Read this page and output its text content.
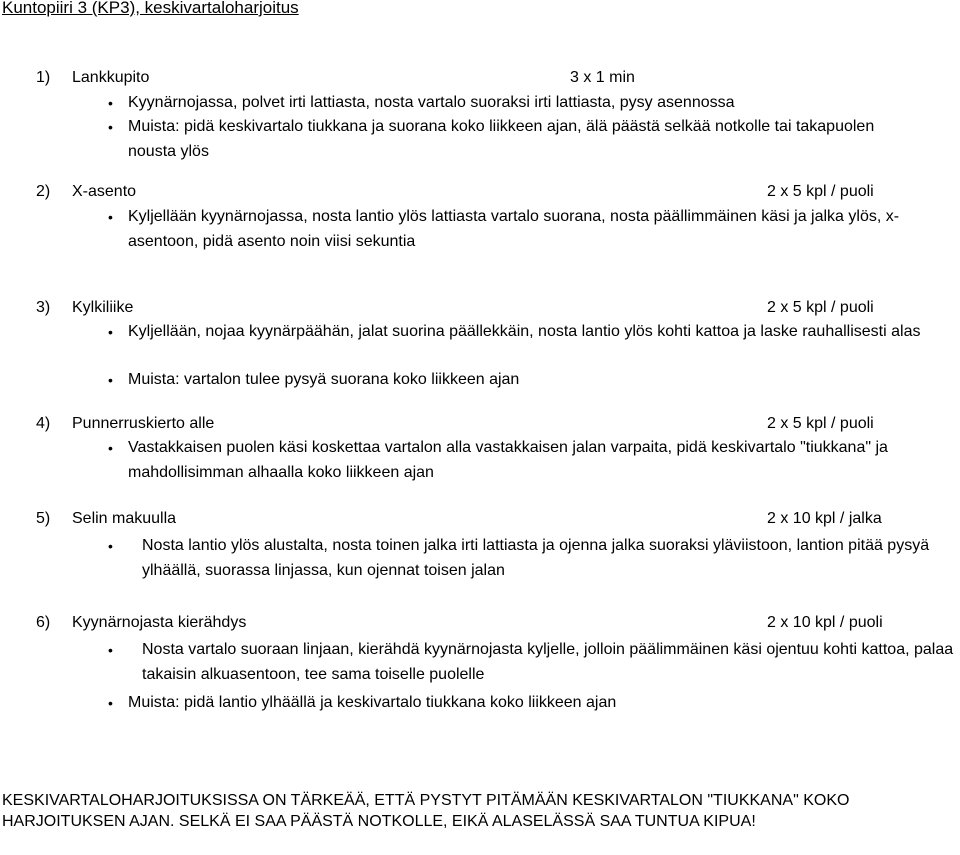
Kuntopiiri 3 (KP3), keskivartaloharjoitus
1) Lankkupito	3 x 1 min
• Kyynärnojassa, polvet irti lattiasta, nosta vartalo suoraksi irti lattiasta, pysy asennossa
• Muista: pidä keskivartalo tiukkana ja suorana koko liikkeen ajan, älä päästä selkää notkolle tai takapuolen nousta ylös
2) X-asento	2 x 5 kpl / puoli
• Kyljellään kyynärnojassa, nosta lantio ylös lattiasta vartalo suorana, nosta päällimmäinen käsi ja jalka ylös, x-asentoon, pidä asento noin viisi sekuntia
3) Kylkiliike	2 x 5 kpl / puoli
• Kyljellään, nojaa kyynärpäähän, jalat suorina päällekkäin, nosta lantio ylös kohti kattoa ja laske rauhallisesti alas
• Muista: vartalon tulee pysyä suorana koko liikkeen ajan
4) Punnerruskierto alle	2 x 5 kpl / puoli
• Vastakkaisen puolen käsi koskettaa vartalon alla vastakkaisen jalan varpaita, pidä keskivartalo "tiukkana" ja mahdollisimman alhaalla koko liikkeen ajan
5) Selin makuulla	2 x 10 kpl / jalka
•	Nosta lantio ylös alustalta, nosta toinen jalka irti lattiasta ja ojenna jalka suoraksi yläviistoon, lantion pitää pysyä ylhäällä, suorassa linjassa, kun ojennat toisen jalan
6) Kyynärnojasta kierähdys	2 x 10 kpl / puoli
•	Nosta vartalo suoraan linjaan, kierähdä kyynärnojasta kyljelle, jolloin päälimmäinen käsi ojentuu kohti kattoa, palaa takaisin alkuasentoon, tee sama toiselle puolelle
• Muista: pidä lantio ylhäällä ja keskivartalo tiukkana koko liikkeen ajan
KESKIVARTALOHARJOITUKSISSA ON TÄRKEÄÄ, ETTÄ PYSTYT PITÄMÄÄN KESKIVARTALON "TIUKKANA" KOKO HARJOITUKSEN AJAN. SELKÄ EI SAA PÄÄSTÄ NOTKOLLE, EIKÄ ALASELÄSSÄ SAA TUNTUA KIPUA!
